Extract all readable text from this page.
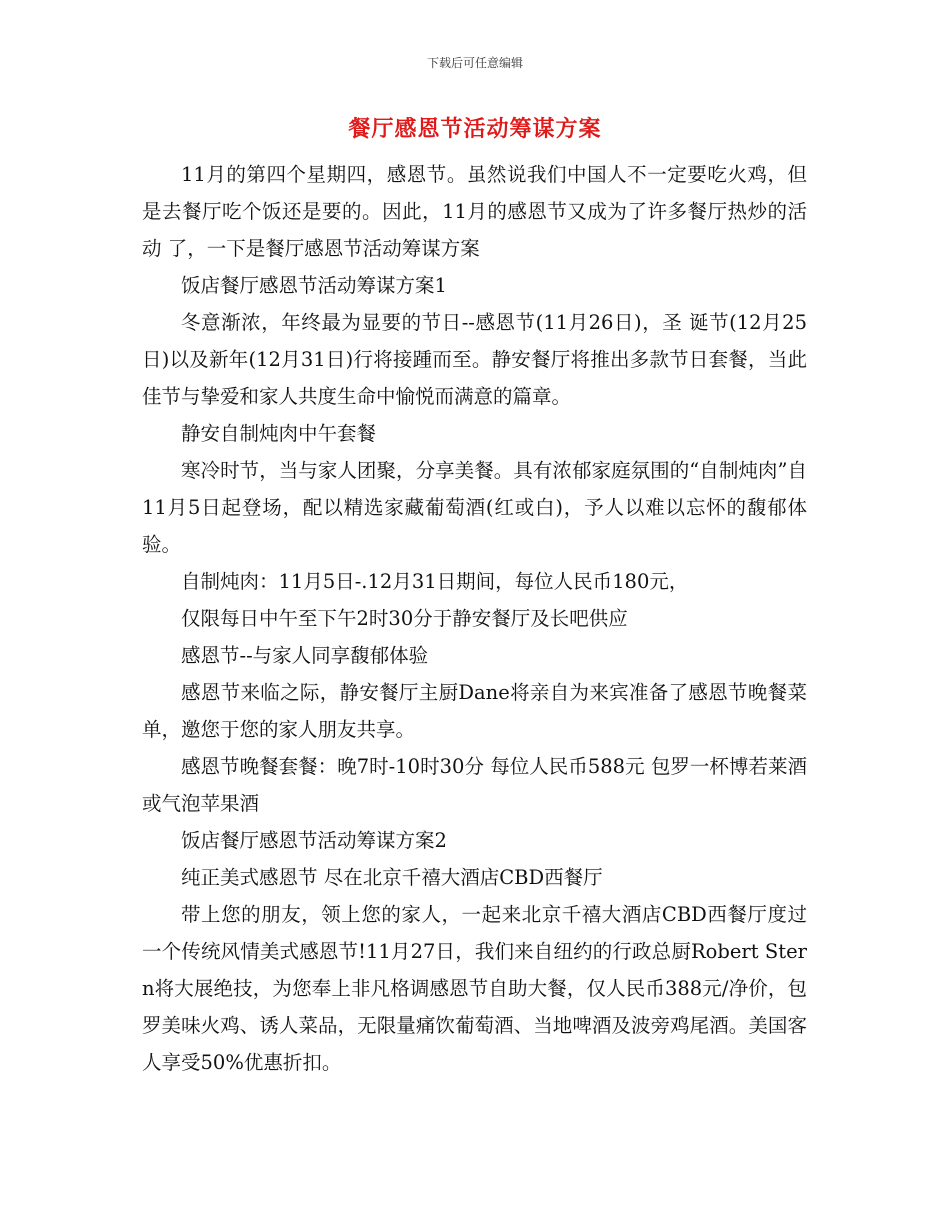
下载后可任意编辑
餐厅感恩节活动筹谋方案

11月的第四个星期四，感恩节。虽然说我们中国人不一定要吃火鸡，但是去餐厅吃个饭还是要的。因此，11月的感恩节又成为了许多餐厅热炒的活动 了，一下是餐厅感恩节活动筹谋方案

饭店餐厅感恩节活动筹谋方案1

冬意渐浓，年终最为显要的节日--感恩节(11月26日)，圣 诞节(12月25日)以及新年(12月31日)行将接踵而至。静安餐厅将推出多款节日套餐，当此佳节与挚爱和家人共度生命中愉悦而满意的篇章。

静安自制炖肉中午套餐

寒冷时节，当与家人团聚，分享美餐。具有浓郁家庭氛围的“自制炖肉”自11月5日起登场，配以精选家藏葡萄酒(红或白)，予人以难以忘怀的馥郁体验。

自制炖肉：11月5日-.12月31日期间，每位人民币180元，

仅限每日中午至下午2时30分于静安餐厅及长吧供应

感恩节--与家人同享馥郁体验

感恩节来临之际，静安餐厅主厨Dane将亲自为来宾准备了感恩节晚餐菜单，邀您于您的家人朋友共享。

感恩节晚餐套餐：晚7时-10时30分 每位人民币588元 包罗一杯博若莱酒或气泡苹果酒

饭店餐厅感恩节活动筹谋方案2

纯正美式感恩节 尽在北京千禧大酒店CBD西餐厅

带上您的朋友，领上您的家人，一起来北京千禧大酒店CBD西餐厅度过一个传统风情美式感恩节!11月27日，我们来自纽约的行政总厨Robert Stern将大展绝技，为您奉上非凡格调感恩节自助大餐，仅人民币388元/净价，包罗美味火鸡、诱人菜品，无限量痛饮葡萄酒、当地啤酒及波旁鸡尾酒。美国客人享受50%优惠折扣。
